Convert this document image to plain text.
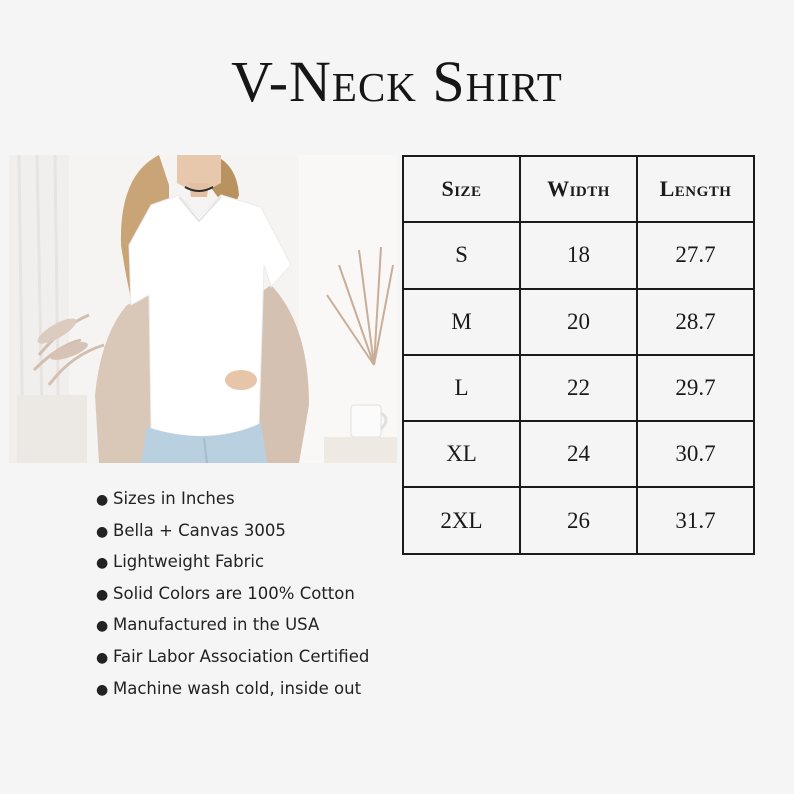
V-Neck Shirt
Size	Width	Length
S	18	27.7
M	20	28.7
L	22	29.7
XL	24	30.7
2XL	26	31.7
● Sizes in Inches
● Bella + Canvas 3005
● Lightweight Fabric
● Solid Colors are 100% Cotton
● Manufactured in the USA
● Fair Labor Association Certified
● Machine wash cold, inside out
